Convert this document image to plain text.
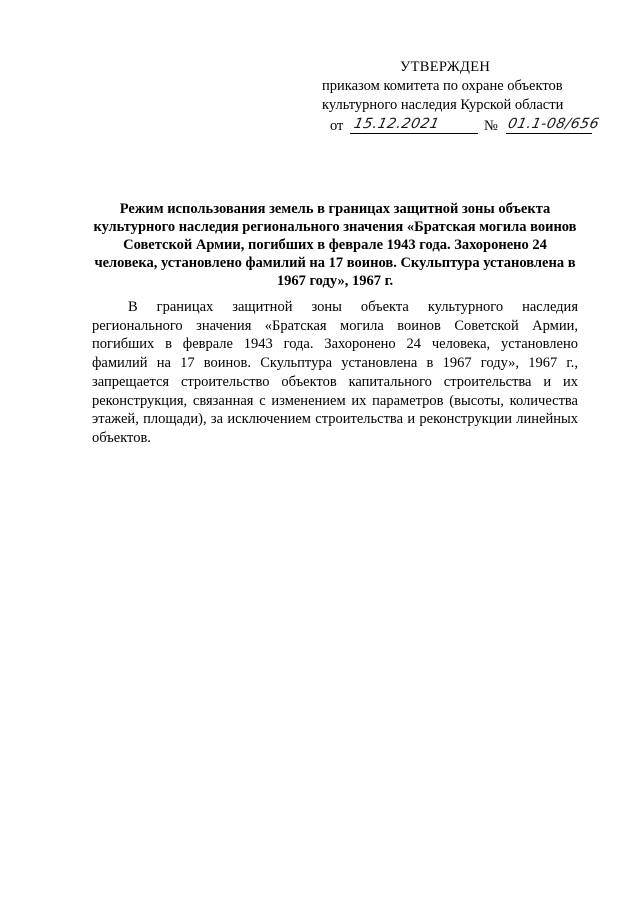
УТВЕРЖДЕН
приказом комитета по охране объектов
культурного наследия Курской области
от 15.12.2021	№ 01.1-08/656
Режим использования земель в границах защитной зоны объекта культурного наследия регионального значения «Братская могила воинов Советской Армии, погибших в феврале 1943 года. Захоронено 24 человека, установлено фамилий на 17 воинов. Скульптура установлена в 1967 году», 1967 г.
В границах защитной зоны объекта культурного наследия регионального значения «Братская могила воинов Советской Армии, погибших в феврале 1943 года. Захоронено 24 человека, установлено фамилий на 17 воинов. Скульптура установлена в 1967 году», 1967 г., запрещается строительство объектов капитального строительства и их реконструкция, связанная с изменением их параметров (высоты, количества этажей, площади), за исключением строительства и реконструкции линейных объектов.
